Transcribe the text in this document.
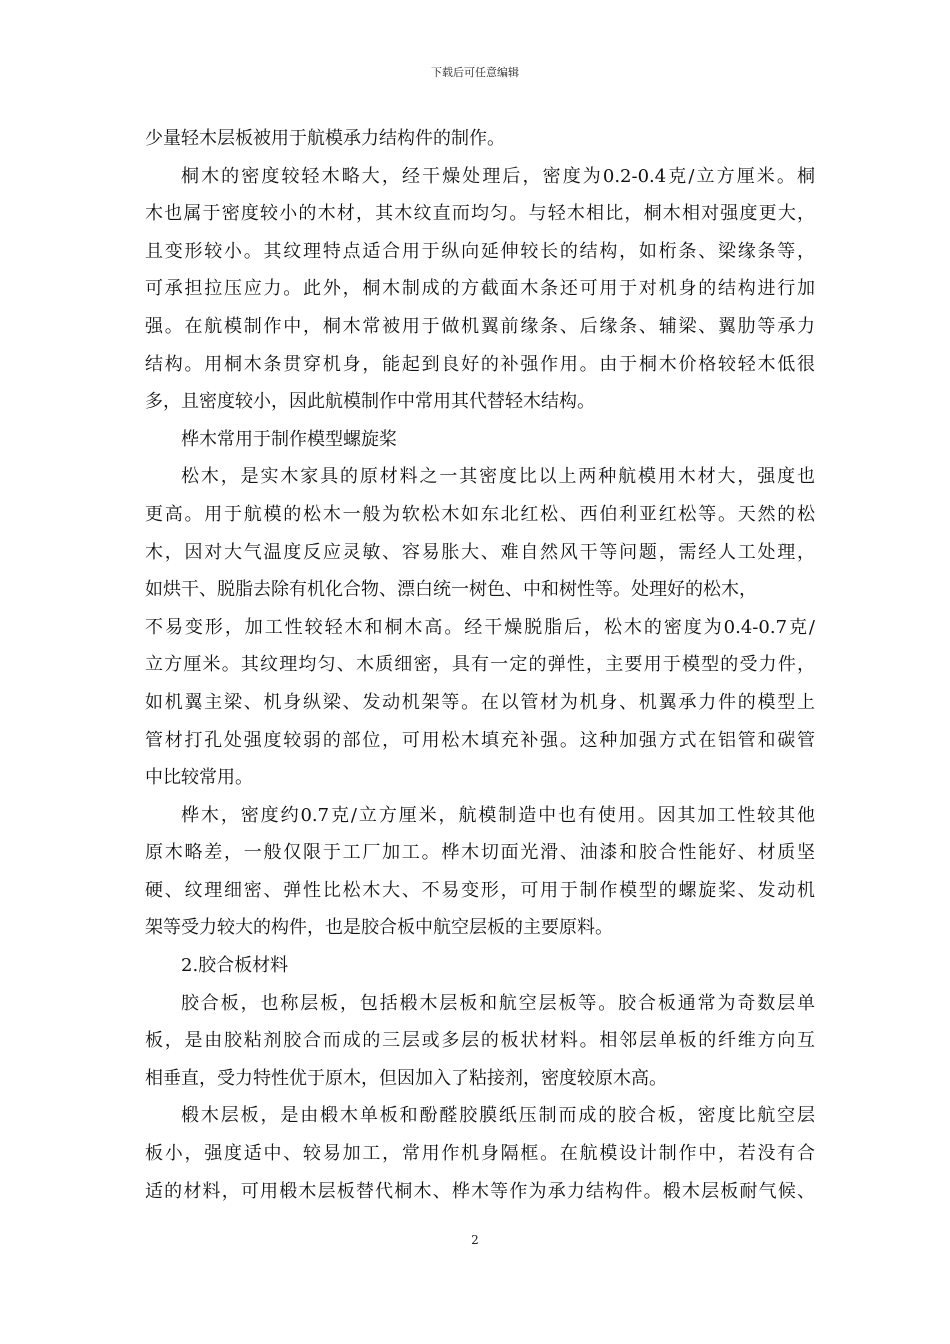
下载后可任意编辑
少量轻木层板被用于航模承力结构件的制作。
桐木的密度较轻木略大，经干燥处理后，密度为0.2-0.4克/立方厘米。桐
木也属于密度较小的木材，其木纹直而均匀。与轻木相比，桐木相对强度更大，
且变形较小。其纹理特点适合用于纵向延伸较长的结构，如桁条、梁缘条等，
可承担拉压应力。此外，桐木制成的方截面木条还可用于对机身的结构进行加
强。在航模制作中，桐木常被用于做机翼前缘条、后缘条、辅梁、翼肋等承力
结构。用桐木条贯穿机身，能起到良好的补强作用。由于桐木价格较轻木低很
多，且密度较小，因此航模制作中常用其代替轻木结构。
桦木常用于制作模型螺旋桨
松木，是实木家具的原材料之一其密度比以上两种航模用木材大，强度也
更高。用于航模的松木一般为软松木如东北红松、西伯利亚红松等。天然的松
木，因对大气温度反应灵敏、容易胀大、难自然风干等问题，需经人工处理，
如烘干、脱脂去除有机化合物、漂白统一树色、中和树性等。处理好的松木，
不易变形，加工性较轻木和桐木高。经干燥脱脂后，松木的密度为0.4-0.7克/
立方厘米。其纹理均匀、木质细密，具有一定的弹性，主要用于模型的受力件，
如机翼主梁、机身纵梁、发动机架等。在以管材为机身、机翼承力件的模型上
管材打孔处强度较弱的部位，可用松木填充补强。这种加强方式在铝管和碳管
中比较常用。
桦木，密度约0.7克/立方厘米，航模制造中也有使用。因其加工性较其他
原木略差，一般仅限于工厂加工。桦木切面光滑、油漆和胶合性能好、材质坚
硬、纹理细密、弹性比松木大、不易变形，可用于制作模型的螺旋桨、发动机
架等受力较大的构件，也是胶合板中航空层板的主要原料。
2.胶合板材料
胶合板，也称层板，包括椴木层板和航空层板等。胶合板通常为奇数层单
板，是由胶粘剂胶合而成的三层或多层的板状材料。相邻层单板的纤维方向互
相垂直，受力特性优于原木，但因加入了粘接剂，密度较原木高。
椴木层板，是由椴木单板和酚醛胶膜纸压制而成的胶合板，密度比航空层
板小，强度适中、较易加工，常用作机身隔框。在航模设计制作中，若没有合
适的材料，可用椴木层板替代桐木、桦木等作为承力结构件。椴木层板耐气候、
2
